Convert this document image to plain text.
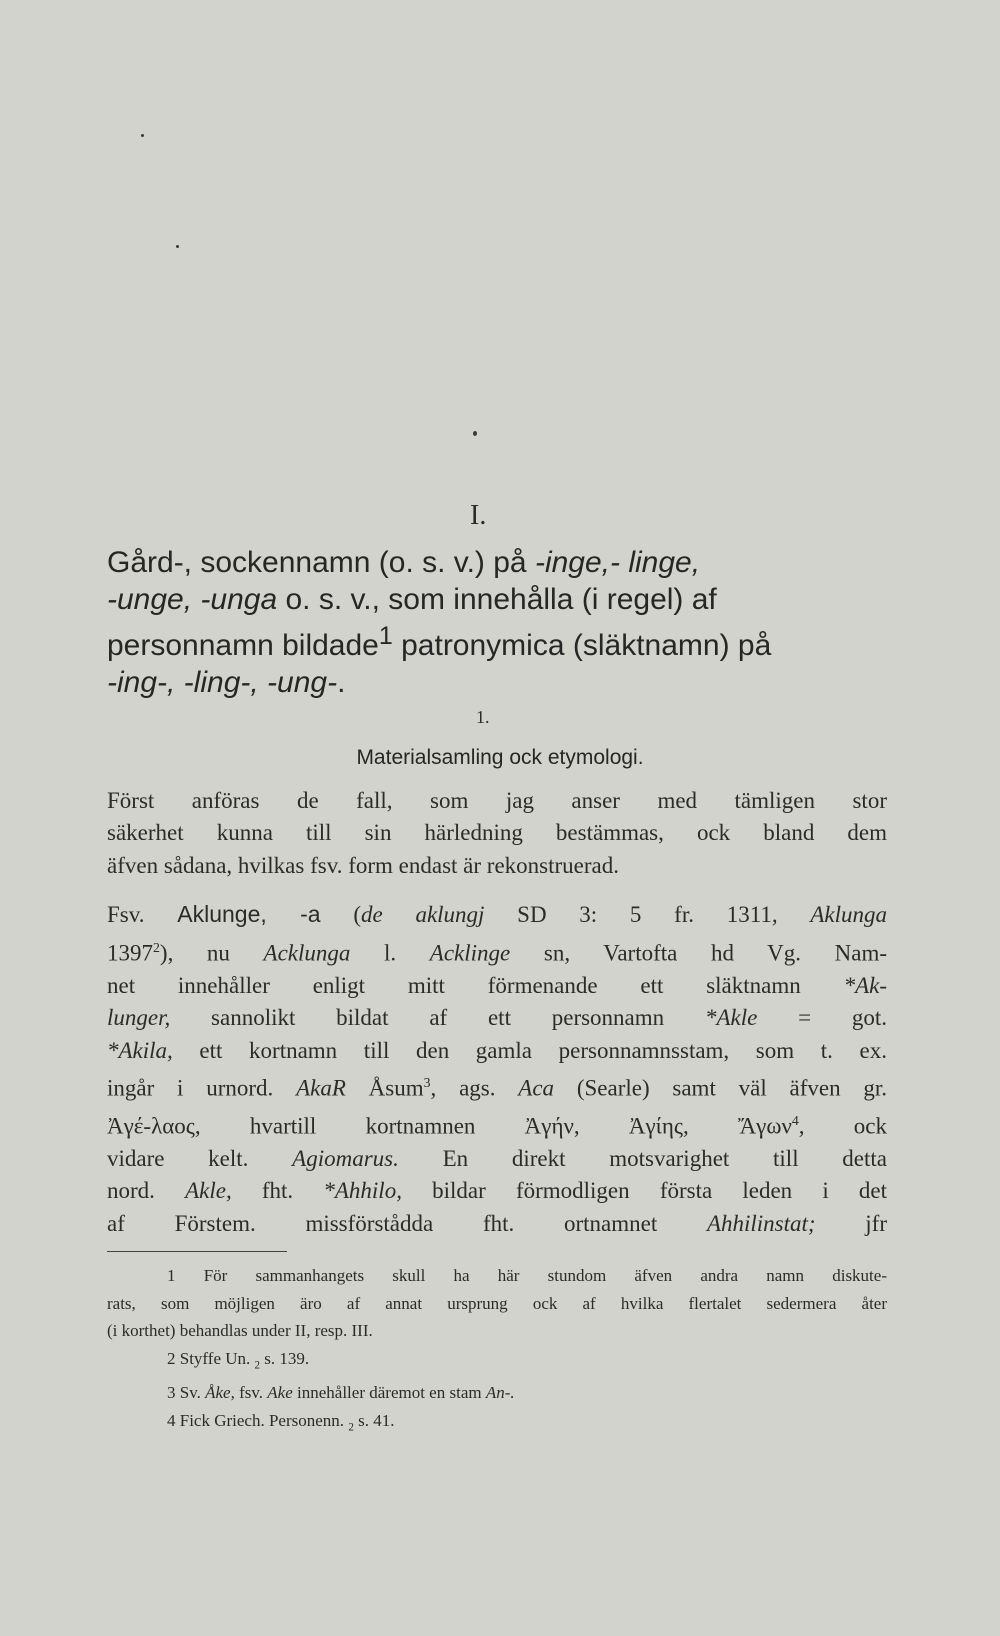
I.

Gård-, sockennamn (o. s. v.) på -inge,- linge,

-unge, -unga o. s. v., som innehålla (i regel) af

personnamn bildade$^1$ patronymica (släktnamn) på

-ing-, -ling-, -ung-.

1.
Materialsamling ock etymologi.

Först anföras de fall, som jag anser med tämligen stor

säkerhet kunna till sin härledning bestämmas, ock bland dem

äfven sådana, hvilkas fsv. form endast är rekonstruerad.

Fsv. Aklunge, -a (de aklungj SD 3: 5 fr. 1311, Aklunga

1397$^2$), nu Acklunga l. Acklinge sn, Vartofta hd Vg. Nam-

net innehåller enligt mitt förmenande ett släktnamn *Ak-

lunger, sannolikt bildat af ett personnamn *Akle = got.

*Akila, ett kortnamn till den gamla personnamnsstam, som t. ex.

ingår i urnord. AkaR Åsum$^3$, ags. Aca (Searle) samt väl äfven gr.

Ἀγέ-λαος, hvartill kortnamnen Ἀγήν, Ἀγίης, Ἄγων$^4$, ock

vidare kelt. Agiomarus. En direkt motsvarighet till detta

nord. Akle, fht. *Ahhilo, bildar förmodligen första leden i det

af Förstem. missförstådda fht. ortnamnet Ahhilinstat; jfr

1 För sammanhangets skull ha här stundom äfven andra namn diskute-

rats, som möjligen äro af annat ursprung ock af hvilka flertalet sedermera åter

(i korthet) behandlas under II, resp. III.

2 Styffe Un. $_2$ s. 139.

3 Sv. Åke, fsv. Ake innehåller däremot en stam An-.

4 Fick Griech. Personenn. $_2$ s. 41.
